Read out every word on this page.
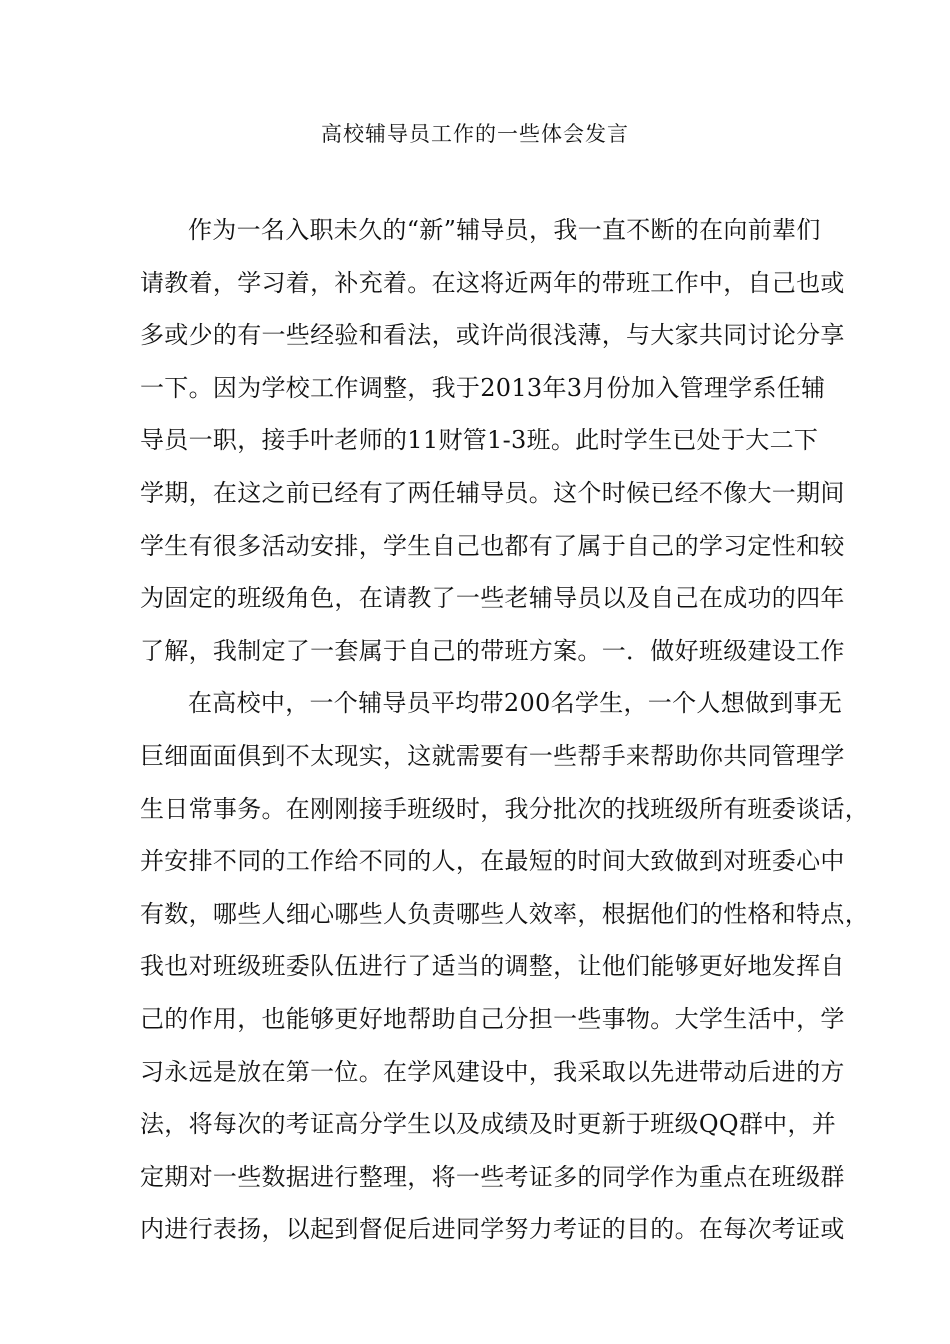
高校辅导员工作的一些体会发言
作为一名入职未久的“新”辅导员，我一直不断的在向前辈们
请教着，学习着，补充着。在这将近两年的带班工作中，自己也或
多或少的有一些经验和看法，或许尚很浅薄，与大家共同讨论分享
一下。因为学校工作调整，我于2013年3月份加入管理学系任辅
导员一职，接手叶老师的11财管1-3班。此时学生已处于大二下
学期，在这之前已经有了两任辅导员。这个时候已经不像大一期间
学生有很多活动安排，学生自己也都有了属于自己的学习定性和较
为固定的班级角色，在请教了一些老辅导员以及自己在成功的四年
了解，我制定了一套属于自己的带班方案。一．做好班级建设工作
在高校中，一个辅导员平均带200名学生，一个人想做到事无
巨细面面俱到不太现实，这就需要有一些帮手来帮助你共同管理学
生日常事务。在刚刚接手班级时，我分批次的找班级所有班委谈话，
并安排不同的工作给不同的人，在最短的时间大致做到对班委心中
有数，哪些人细心哪些人负责哪些人效率，根据他们的性格和特点，
我也对班级班委队伍进行了适当的调整，让他们能够更好地发挥自
己的作用，也能够更好地帮助自己分担一些事物。大学生活中，学
习永远是放在第一位。在学风建设中，我采取以先进带动后进的方
法，将每次的考证高分学生以及成绩及时更新于班级QQ群中，并
定期对一些数据进行整理，将一些考证多的同学作为重点在班级群
内进行表扬，以起到督促后进同学努力考证的目的。在每次考证或
